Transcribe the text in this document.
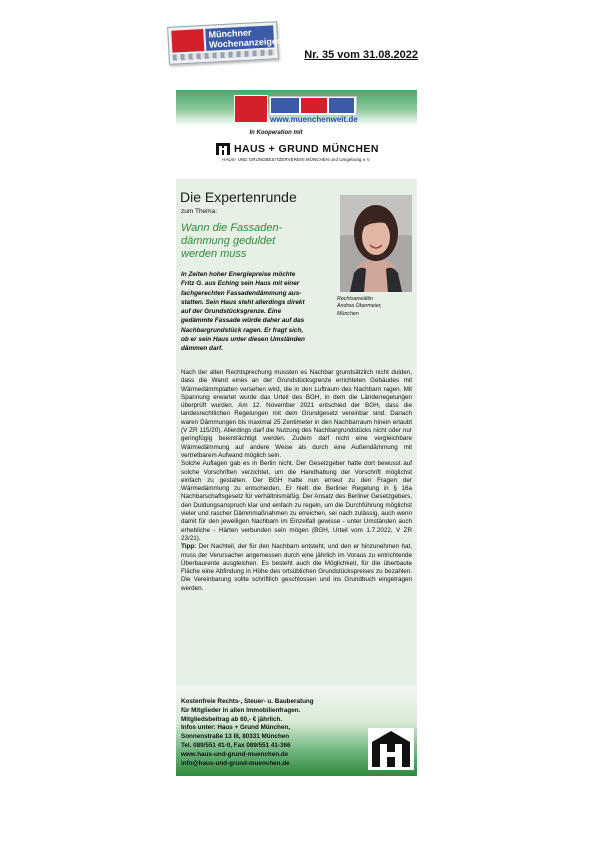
Münchner Wochenanzeiger
Nr. 35 vom 31.08.2022

www.muenchenweit.de
In Kooperation mit
HAUS + GRUND MÜNCHEN
HAUS- UND GRUNDBESITZERVEREIN MÜNCHEN und Umgebung e.V.
Die Expertenrunde
zum Thema:
Wann die Fassaden-
dämmung geduldet
werden muss
In Zeiten hoher Energiepreise möchte
Fritz G. aus Eching sein Haus mit einer
fachgerechten Fassadendämmung aus-
statten. Sein Haus steht allerdings direkt
auf der Grundstücksgrenze. Eine
gedämmte Fassade würde daher auf das
Nachbargrundstück ragen. Er fragt sich,
ob er sein Haus unter diesen Umständen
dämmen darf.
Rechtsanwältin
Andrea Obermeier,
München

Nach der alten Rechtsprechung mussten es Nachbar grundsätzlich nicht dulden, dass die Wand eines an der Grundstücksgrenze errichteten Gebäudes mit Wärmedämmplatten versehen wird, die in den Luftraum des Nachbarn ragen. Mit Spannung erwartet wurde das Urteil des BGH, in dem die Länderregelungen überprüft wurden. Am 12. November 2021 entschied der BGH, dass die landesrechtlichen Regelungen mit dem Grundgesetz vereinbar sind. Danach waren Dämmungen bis maximal 25 Zentimeter in den Nachbarraum hinein erlaubt (V ZR 115/20). Allerdings darf die Nutzung des Nachbargrundstücks nicht oder nur geringfügig beeinträchtigt werden. Zudem darf nicht eine vergleichbare Wärmedämmung auf andere Weise als durch eine Außendämmung mit vertretbarem Aufwand möglich sein.

Solche Auflagen gab es in Berlin nicht. Der Gesetzgeber hatte dort bewusst auf solche Vorschriften verzichtet, um die Handhabung der Vorschrift möglichst einfach zu gestalten. Der BGH hatte nun erneut zu den Fragen der Wärmedämmung zu entscheiden. Er hielt die Berliner Regelung in § 16a Nachbarschaftsgesetz für verhältnismäßig. Der Ansatz des Berliner Gesetzgebers, den Duldungsanspruch klar und einfach zu regeln, um die Durchführung möglichst vieler und rascher Dämmmaßnahmen zu erreichen, sei nach zulässig, auch wenn damit für den jeweiligen Nachbarn im Einzelfall gewisse - unter Umständen auch erhebliche - Härten verbunden sein mögen (BGH, Urteil vom 1.7.2022, V ZR 23/21).

Tipp: Der Nachteil, der für den Nachbarn entsteht, und den er hinzunehmen hat, muss der Verursacher angemessen durch eine jährlich im Voraus zu entrichtende Überbaurente ausgleichen. Es besteht auch die Möglichkeit, für die überbaute Fläche eine Abfindung in Höhe des ortsüblichen Grundstückspreises zu bezahlen. Die Vereinbarung sollte schriftlich geschlossen und ins Grundbuch eingetragen werden.

Kostenfreie Rechts-, Steuer- u. Bauberatung
für Mitglieder in allen Immobilienfragen.
Mitgliedsbeitrag ab 60,- € jährlich.
Infos unter: Haus + Grund München,
Sonnenstraße 13 III, 80331 München
Tel. 089/551 41-0, Fax 089/551 41-366
www.haus-und-grund-muenchen.de
info@haus-und-grund-muenchen.de
